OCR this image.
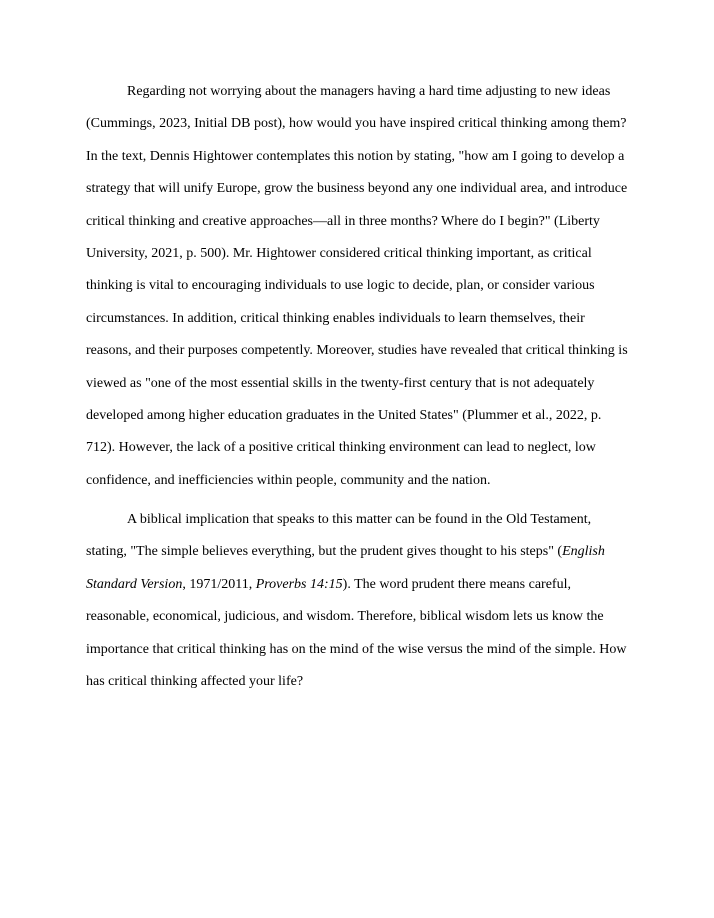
Regarding not worrying about the managers having a hard time adjusting to new ideas
(Cummings, 2023, Initial DB post), how would you have inspired critical thinking among them?
In the text, Dennis Hightower contemplates this notion by stating, "how am I going to develop a
strategy that will unify Europe, grow the business beyond any one individual area, and introduce
critical thinking and creative approaches—all in three months? Where do I begin?" (Liberty
University, 2021, p. 500). Mr. Hightower considered critical thinking important, as critical
thinking is vital to encouraging individuals to use logic to decide, plan, or consider various
circumstances. In addition, critical thinking enables individuals to learn themselves, their
reasons, and their purposes competently. Moreover, studies have revealed that critical thinking is
viewed as "one of the most essential skills in the twenty-first century that is not adequately
developed among higher education graduates in the United States" (Plummer et al., 2022, p.
712). However, the lack of a positive critical thinking environment can lead to neglect, low
confidence, and inefficiencies within people, community and the nation.
A biblical implication that speaks to this matter can be found in the Old Testament,
stating, "The simple believes everything, but the prudent gives thought to his steps" (English
Standard Version, 1971/2011, Proverbs 14:15). The word prudent there means careful,
reasonable, economical, judicious, and wisdom. Therefore, biblical wisdom lets us know the
importance that critical thinking has on the mind of the wise versus the mind of the simple. How
has critical thinking affected your life?
